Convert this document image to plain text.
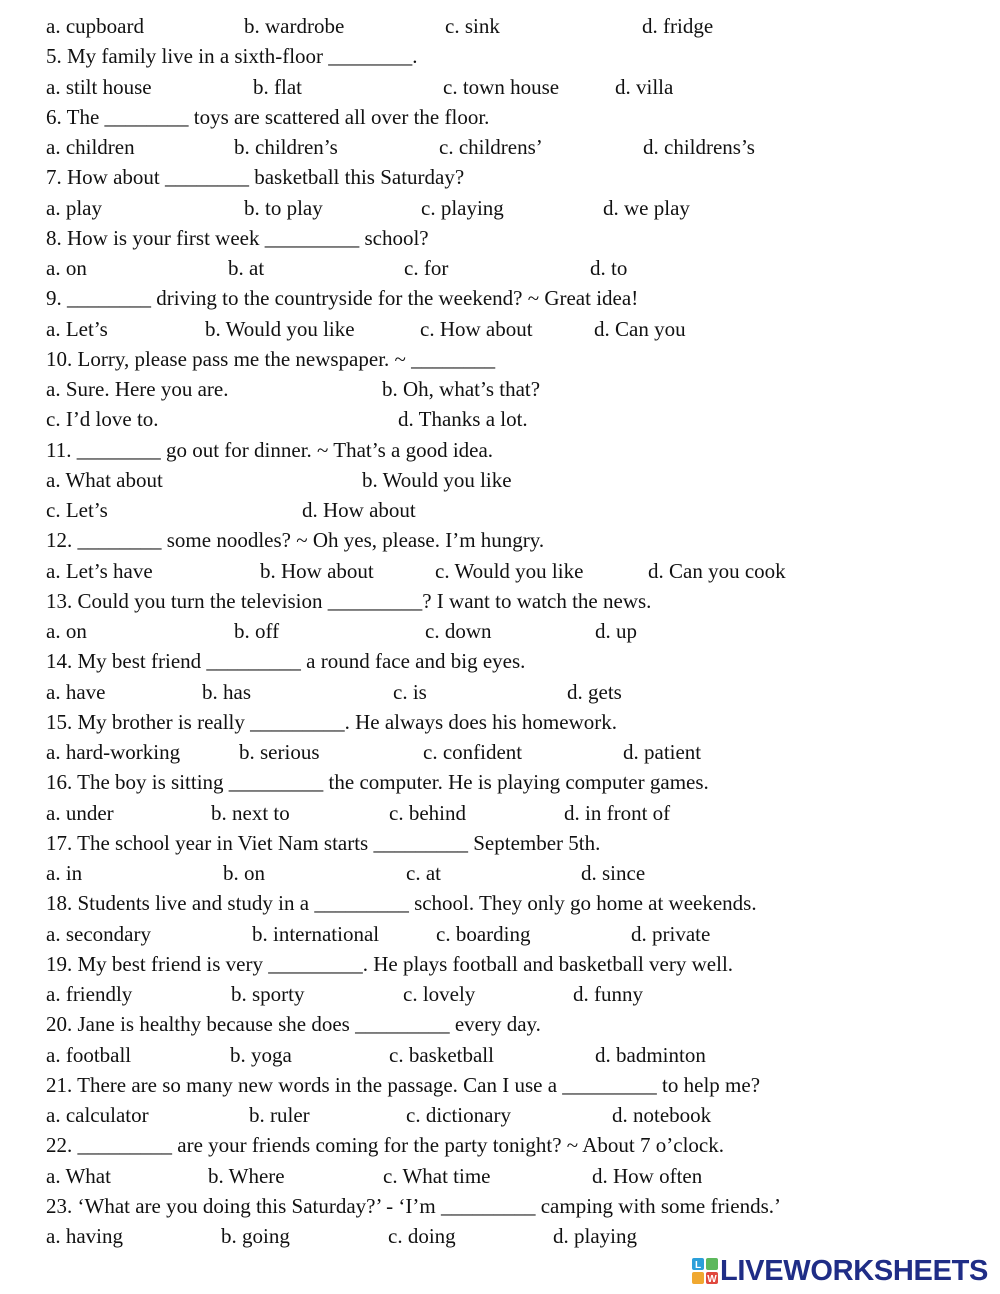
a. cupboard	b. wardrobe	c. sink	d. fridge
5. My family live in a sixth-floor ________.
a. stilt house	b. flat	c. town house	d. villa
6. The ________ toys are scattered all over the floor.
a. children	b. children’s	c. childrens’	d. childrens’s
7. How about ________ basketball this Saturday?
a. play	b. to play	c. playing	d. we play
8. How is your first week _________ school?
a. on	b. at	c. for	d. to
9. ________ driving to the countryside for the weekend? ~ Great idea!
a. Let’s	b. Would you like	c. How about	d. Can you
10. Lorry, please pass me the newspaper. ~ ________
a. Sure. Here you are.	b. Oh, what’s that?
c. I’d love to.	d. Thanks a lot.
11. ________ go out for dinner. ~ That’s a good idea.
a. What about	b. Would you like
c. Let’s	d. How about
12. ________ some noodles? ~ Oh yes, please. I’m hungry.
a. Let’s have	b. How about	c. Would you like	d. Can you cook
13. Could you turn the television _________? I want to watch the news.
a. on	b. off	c. down	d. up
14. My best friend _________ a round face and big eyes.
a. have	b. has	c. is	d. gets
15. My brother is really _________. He always does his homework.
a. hard-working	b. serious	c. confident	d. patient
16. The boy is sitting _________ the computer. He is playing computer games.
a. under	b. next to	c. behind	d. in front of
17. The school year in Viet Nam starts _________ September 5th.
a. in	b. on	c. at	d. since
18. Students live and study in a _________ school. They only go home at weekends.
a. secondary	b. international	c. boarding	d. private
19. My best friend is very _________. He plays football and basketball very well.
a. friendly	b. sporty	c. lovely	d. funny
20. Jane is healthy because she does _________ every day.
a. football	b. yoga	c. basketball	d. badminton
21. There are so many new words in the passage. Can I use a _________ to help me?
a. calculator	b. ruler	c. dictionary	d. notebook
22. _________ are your friends coming for the party tonight? ~ About 7 o’clock.
a. What	b. Where	c. What time	d. How often
23. ‘What are you doing this Saturday?’ - ‘I’m _________ camping with some friends.’
a. having	b. going	c. doing	d. playing
L
W LIVEWORKSHEETS
